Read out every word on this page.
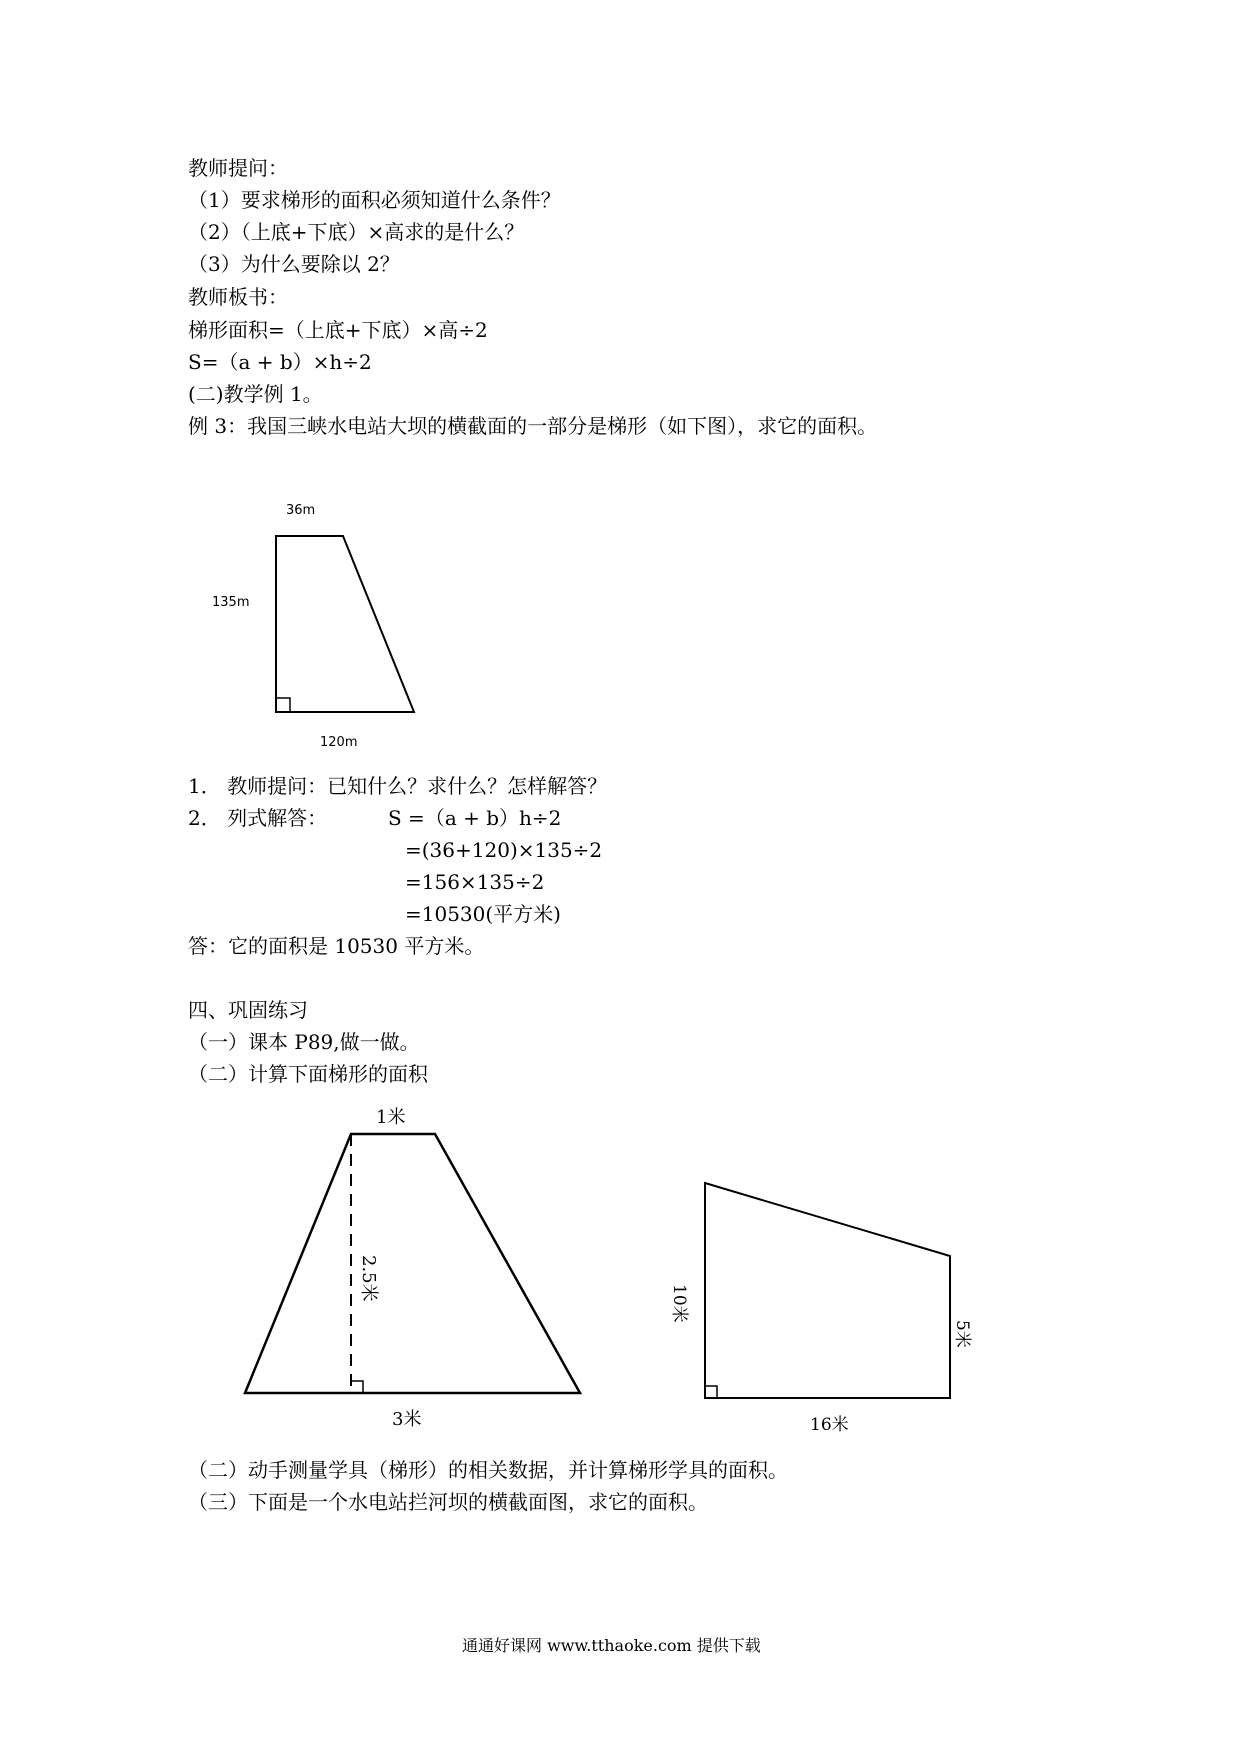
教师提问：
（1）要求梯形的面积必须知道什么条件？
（2）（上底+下底）×高求的是什么？
（3）为什么要除以 2？
教师板书：
梯形面积=（上底+下底）×高÷2
S=（a + b）×h÷2
(二)教学例 1。
例 3：我国三峡水电站大坝的横截面的一部分是梯形（如下图），求它的面积。
36m
135m
120m
1． 教师提问：已知什么？求什么？怎样解答？
2． 列式解答：	S =（a + b）h÷2
=(36+120)×135÷2
=156×135÷2
=10530(平方米)
答：它的面积是 10530 平方米。
四、巩固练习
（一）课本 P89,做一做。
（二）计算下面梯形的面积
1米
2.5米
3米
10米
5米
16米
（二）动手测量学具（梯形）的相关数据，并计算梯形学具的面积。
（三）下面是一个水电站拦河坝的横截面图，求它的面积。
通通好课网 www.tthaoke.com 提供下载
